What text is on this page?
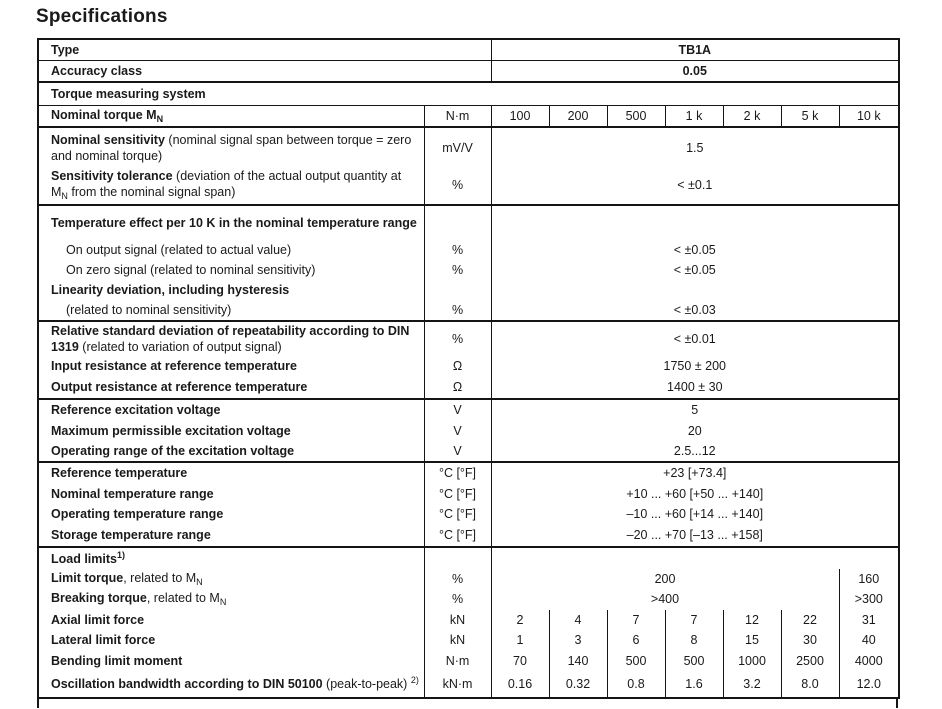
Specifications
Type		TB1A						
Accuracy class		0.05						
Torque measuring system								
Nominal torque $M_N$	N·m	100	200	500	1 k	2 k	5 k	10 k
Nominal sensitivity (nominal signal span between torque = zero and nominal torque)	mV/V	1.5						
Sensitivity tolerance (deviation of the actual output quantity at $M_N$ from the nominal signal span)	%	< ±0.1						
Temperature effect per 10 K in the nominal temperature range								
On output signal (related to actual value)	%	< ±0.05						
On zero signal (related to nominal sensitivity)	%	< ±0.05						
Linearity deviation, including hysteresis								
(related to nominal sensitivity)	%	< ±0.03						
Relative standard deviation of repeatability according to DIN 1319 (related to variation of output signal)	%	< ±0.01						
Input resistance at reference temperature	Ω	1750 ± 200						
Output resistance at reference temperature	Ω	1400 ± 30						
Reference excitation voltage	V	5						
Maximum permissible excitation voltage	V	20						
Operating range of the excitation voltage	V	2.5...12						
Reference temperature	°C [°F]	+23 [+73.4]						
Nominal temperature range	°C [°F]	+10 ... +60 [+50 ... +140]						
Operating temperature range	°C [°F]	–10 ... +60 [+14 ... +140]						
Storage temperature range	°C [°F]	–20 ... +70 [–13 ... +158]						
Load limits$^{1)}$		
Limit torque, related to $M_N$	%	200						160
Breaking torque, related to $M_N$	%	>400						>300
Axial limit force	kN	2	4	7	7	12	22	31
Lateral limit force	kN	1	3	6	8	15	30	40
Bending limit moment	N·m	70	140	500	500	1000	2500	4000
Oscillation bandwidth according to DIN 50100 (peak-to-peak) $^{2)}$	kN·m	0.16	0.32	0.8	1.6	3.2	8.0	12.0
